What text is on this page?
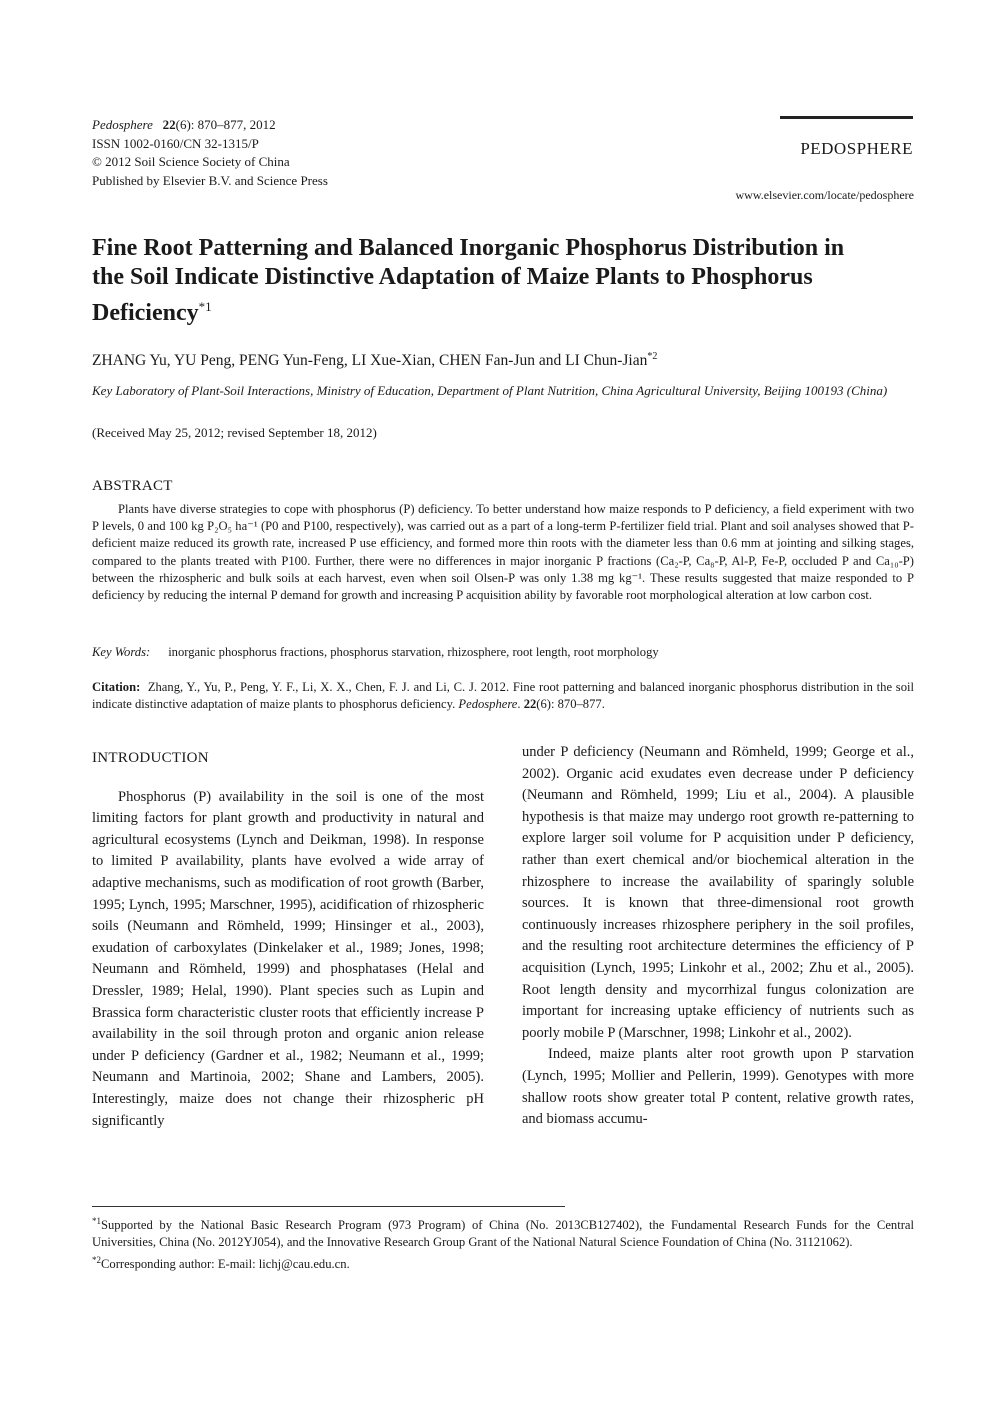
Pedosphere 22(6): 870–877, 2012
ISSN 1002-0160/CN 32-1315/P
© 2012 Soil Science Society of China
Published by Elsevier B.V. and Science Press
PEDOSPHERE
www.elsevier.com/locate/pedosphere
Fine Root Patterning and Balanced Inorganic Phosphorus Distribution in the Soil Indicate Distinctive Adaptation of Maize Plants to Phosphorus Deficiency$^{*1}$
ZHANG Yu, YU Peng, PENG Yun-Feng, LI Xue-Xian, CHEN Fan-Jun and LI Chun-Jian$^{*2}$
Key Laboratory of Plant-Soil Interactions, Ministry of Education, Department of Plant Nutrition, China Agricultural University, Beijing 100193 (China)
(Received May 25, 2012; revised September 18, 2012)
ABSTRACT
Plants have diverse strategies to cope with phosphorus (P) deficiency. To better understand how maize responds to P deficiency, a field experiment with two P levels, 0 and 100 kg P₂O₅ ha⁻¹ (P0 and P100, respectively), was carried out as a part of a long-term P-fertilizer field trial. Plant and soil analyses showed that P-deficient maize reduced its growth rate, increased P use efficiency, and formed more thin roots with the diameter less than 0.6 mm at jointing and silking stages, compared to the plants treated with P100. Further, there were no differences in major inorganic P fractions (Ca₂-P, Ca₈-P, Al-P, Fe-P, occluded P and Ca₁₀-P) between the rhizospheric and bulk soils at each harvest, even when soil Olsen-P was only 1.38 mg kg⁻¹. These results suggested that maize responded to P deficiency by reducing the internal P demand for growth and increasing P acquisition ability by favorable root morphological alteration at low carbon cost.
Key Words: inorganic phosphorus fractions, phosphorus starvation, rhizosphere, root length, root morphology
Citation: Zhang, Y., Yu, P., Peng, Y. F., Li, X. X., Chen, F. J. and Li, C. J. 2012. Fine root patterning and balanced inorganic phosphorus distribution in the soil indicate distinctive adaptation of maize plants to phosphorus deficiency. Pedosphere. 22(6): 870–877.
INTRODUCTION
Phosphorus (P) availability in the soil is one of the most limiting factors for plant growth and productivity in natural and agricultural ecosystems (Lynch and Deikman, 1998). In response to limited P availability, plants have evolved a wide array of adaptive mechanisms, such as modification of root growth (Barber, 1995; Lynch, 1995; Marschner, 1995), acidification of rhizospheric soils (Neumann and Römheld, 1999; Hinsinger et al., 2003), exudation of carboxylates (Dinkelaker et al., 1989; Jones, 1998; Neumann and Römheld, 1999) and phosphatases (Helal and Dressler, 1989; Helal, 1990). Plant species such as Lupin and Brassica form characteristic cluster roots that efficiently increase P availability in the soil through proton and organic anion release under P deficiency (Gardner et al., 1982; Neumann et al., 1999; Neumann and Martinoia, 2002; Shane and Lambers, 2005). Interestingly, maize does not change their rhizospheric pH significantly
under P deficiency (Neumann and Römheld, 1999; George et al., 2002). Organic acid exudates even decrease under P deficiency (Neumann and Römheld, 1999; Liu et al., 2004). A plausible hypothesis is that maize may undergo root growth re-patterning to explore larger soil volume for P acquisition under P deficiency, rather than exert chemical and/or biochemical alteration in the rhizosphere to increase the availability of sparingly soluble sources. It is known that three-dimensional root growth continuously increases rhizosphere periphery in the soil profiles, and the resulting root architecture determines the efficiency of P acquisition (Lynch, 1995; Linkohr et al., 2002; Zhu et al., 2005). Root length density and mycorrhizal fungus colonization are important for increasing uptake efficiency of nutrients such as poorly mobile P (Marschner, 1998; Linkohr et al., 2002).
Indeed, maize plants alter root growth upon P starvation (Lynch, 1995; Mollier and Pellerin, 1999). Genotypes with more shallow roots show greater total P content, relative growth rates, and biomass accumu-
$^{*1}$Supported by the National Basic Research Program (973 Program) of China (No. 2013CB127402), the Fundamental Research Funds for the Central Universities, China (No. 2012YJ054), and the Innovative Research Group Grant of the National Natural Science Foundation of China (No. 31121062).
$^{*2}$Corresponding author: E-mail: lichj@cau.edu.cn.
